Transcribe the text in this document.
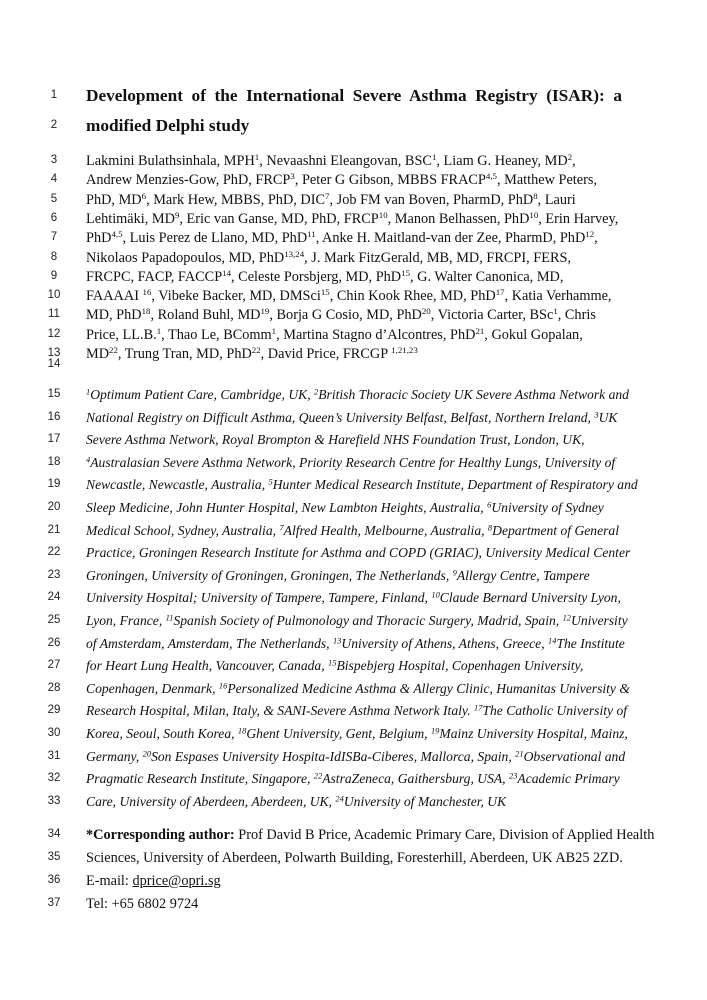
1	Development of the International Severe Asthma Registry (ISAR): a
2	modified Delphi study
3	Lakmini Bulathsinhala, MPH$^1$, Nevaashni Eleangovan, BSC$^1$, Liam G. Heaney, $MD^2$,
4	Andrew Menzies-Gow, PhD, FRCP$^3$, Peter G Gibson, MBBS FRACP$^{4,5}$, Matthew Peters,
5	PhD, $MD^6$, Mark Hew, MBBS, PhD, DIC$^7$, Job FM van Boven, PharmD, PhD$^8$, Lauri
6	Lehtimäki, $MD^9$, Eric van Ganse, MD, PhD, FRCP$^{10}$, Manon Belhassen, PhD$^{10}$, Erin Harvey,
7	PhD$^{4,5}$, Luis Perez de Llano, MD, PhD$^{11}$, Anke H. Maitland-van der Zee, PharmD, PhD$^{12}$,
8	Nikolaos Papadopoulos, MD, PhD$^{13,24}$, J. Mark FitzGerald, MB, MD, FRCPI, FERS,
9	FRCPC, FACP, FACCP$^{14}$, Celeste Porsbjerg, MD, PhD$^{15}$, G. Walter Canonica, MD,
10	FAAAAI $^{16}$, Vibeke Backer, MD, DMSci$^{15}$, Chin Kook Rhee, MD, PhD$^{17}$, Katia Verhamme,
11	MD, PhD$^{18}$, Roland Buhl, MD$^{19}$, Borja G Cosio, MD, PhD$^{20}$, Victoria Carter, BSc$^1$, Chris
12	Price, LL.B.$^1$, Thao Le, BComm$^1$, Martina Stagno d’Alcontres, PhD$^{21}$, Gokul Gopalan,
13	MD$^{22}$, Trung Tran, MD, PhD$^{22}$, David Price, FRCGP $^{1,21,23}$
14
15	$^1$Optimum Patient Care, Cambridge, UK, $^2$British Thoracic Society UK Severe Asthma Network and
16	National Registry on Difficult Asthma, Queen’s University Belfast, Belfast, Northern Ireland, $^3$UK
17	Severe Asthma Network, Royal Brompton & Harefield NHS Foundation Trust, London, UK,
18	$^4$Australasian Severe Asthma Network, Priority Research Centre for Healthy Lungs, University of
19	Newcastle, Newcastle, Australia, $^5$Hunter Medical Research Institute, Department of Respiratory and
20	Sleep Medicine, John Hunter Hospital, New Lambton Heights, Australia, $^6$University of Sydney
21	Medical School, Sydney, Australia, $^7$Alfred Health, Melbourne, Australia, $^8$Department of General
22	Practice, Groningen Research Institute for Asthma and COPD (GRIAC), University Medical Center
23	Groningen, University of Groningen, Groningen, The Netherlands, $^9$Allergy Centre, Tampere
24	University Hospital; University of Tampere, Tampere, Finland, $^{10}$Claude Bernard University Lyon,
25	Lyon, France, $^{11}$Spanish Society of Pulmonology and Thoracic Surgery, Madrid, Spain, $^{12}$University
26	of Amsterdam, Amsterdam, The Netherlands, $^{13}$University of Athens, Athens, Greece, $^{14}$The Institute
27	for Heart Lung Health, Vancouver, Canada, $^{15}$Bispebjerg Hospital, Copenhagen University,
28	Copenhagen, Denmark, $^{16}$Personalized Medicine Asthma & Allergy Clinic, Humanitas University &
29	Research Hospital, Milan, Italy, & SANI-Severe Asthma Network Italy. $^{17}$The Catholic University of
30	Korea, Seoul, South Korea, $^{18}$Ghent University, Gent, Belgium, $^{19}$Mainz University Hospital, Mainz,
31	Germany, $^{20}$Son Espases University Hospita-IdISBa-Ciberes, Mallorca, Spain, $^{21}$Observational and
32	Pragmatic Research Institute, Singapore, $^{22}$AstraZeneca, Gaithersburg, USA, $^{23}$Academic Primary
33	Care, University of Aberdeen, Aberdeen, UK, $^{24}$University of Manchester, UK
34	*Corresponding author: Prof David B Price, Academic Primary Care, Division of Applied Health
35	Sciences, University of Aberdeen, Polwarth Building, Foresterhill, Aberdeen, UK AB25 2ZD.
36	E-mail: dprice@opri.sg
37	Tel: +65 6802 9724
